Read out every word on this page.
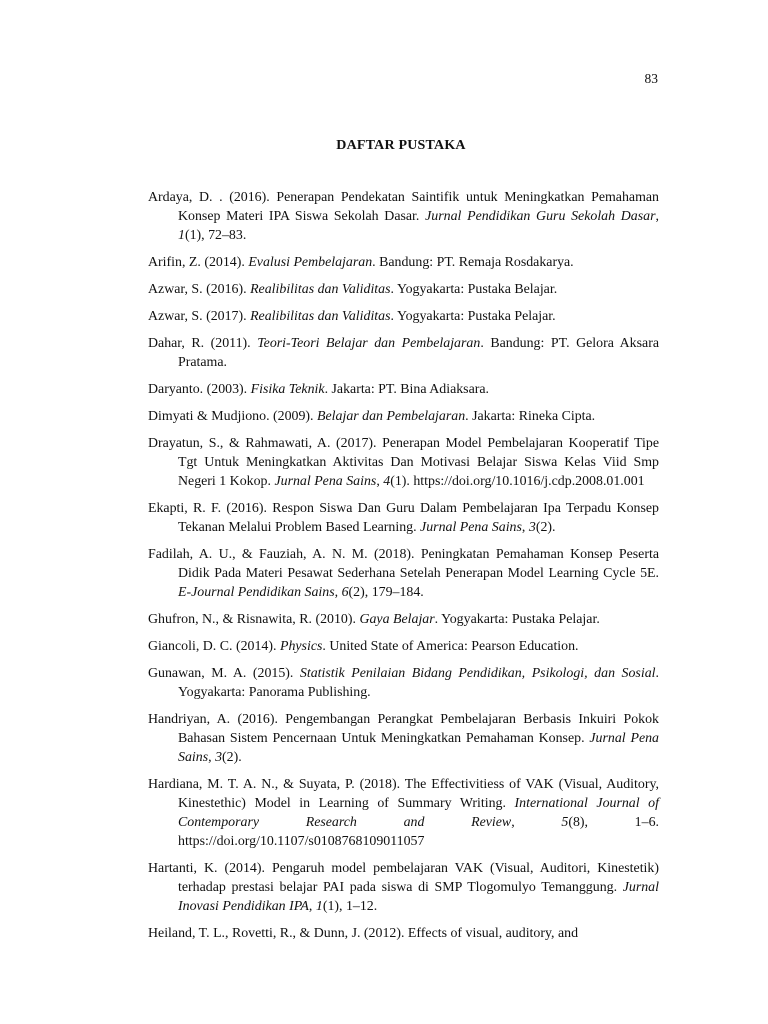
83
DAFTAR PUSTAKA
Ardaya, D. . (2016). Penerapan Pendekatan Saintifik untuk Meningkatkan Pemahaman Konsep Materi IPA Siswa Sekolah Dasar. Jurnal Pendidikan Guru Sekolah Dasar, 1(1), 72–83.
Arifin, Z. (2014). Evalusi Pembelajaran. Bandung: PT. Remaja Rosdakarya.
Azwar, S. (2016). Realibilitas dan Validitas. Yogyakarta: Pustaka Belajar.
Azwar, S. (2017). Realibilitas dan Validitas. Yogyakarta: Pustaka Pelajar.
Dahar, R. (2011). Teori-Teori Belajar dan Pembelajaran. Bandung: PT. Gelora Aksara Pratama.
Daryanto. (2003). Fisika Teknik. Jakarta: PT. Bina Adiaksara.
Dimyati & Mudjiono. (2009). Belajar dan Pembelajaran. Jakarta: Rineka Cipta.
Drayatun, S., & Rahmawati, A. (2017). Penerapan Model Pembelajaran Kooperatif Tipe Tgt Untuk Meningkatkan Aktivitas Dan Motivasi Belajar Siswa Kelas Viid Smp Negeri 1 Kokop. Jurnal Pena Sains, 4(1). https://doi.org/10.1016/j.cdp.2008.01.001
Ekapti, R. F. (2016). Respon Siswa Dan Guru Dalam Pembelajaran Ipa Terpadu Konsep Tekanan Melalui Problem Based Learning. Jurnal Pena Sains, 3(2).
Fadilah, A. U., & Fauziah, A. N. M. (2018). Peningkatan Pemahaman Konsep Peserta Didik Pada Materi Pesawat Sederhana Setelah Penerapan Model Learning Cycle 5E. E-Journal Pendidikan Sains, 6(2), 179–184.
Ghufron, N., & Risnawita, R. (2010). Gaya Belajar. Yogyakarta: Pustaka Pelajar.
Giancoli, D. C. (2014). Physics. United State of America: Pearson Education.
Gunawan, M. A. (2015). Statistik Penilaian Bidang Pendidikan, Psikologi, dan Sosial. Yogyakarta: Panorama Publishing.
Handriyan, A. (2016). Pengembangan Perangkat Pembelajaran Berbasis Inkuiri Pokok Bahasan Sistem Pencernaan Untuk Meningkatkan Pemahaman Konsep. Jurnal Pena Sains, 3(2).
Hardiana, M. T. A. N., & Suyata, P. (2018). The Effectivitiess of VAK (Visual, Auditory, Kinestethic) Model in Learning of Summary Writing. International Journal of Contemporary Research and Review, 5(8), 1–6. https://doi.org/10.1107/s0108768109011057
Hartanti, K. (2014). Pengaruh model pembelajaran VAK (Visual, Auditori, Kinestetik) terhadap prestasi belajar PAI pada siswa di SMP Tlogomulyo Temanggung. Jurnal Inovasi Pendidikan IPA, 1(1), 1–12.
Heiland, T. L., Rovetti, R., & Dunn, J. (2012). Effects of visual, auditory, and
